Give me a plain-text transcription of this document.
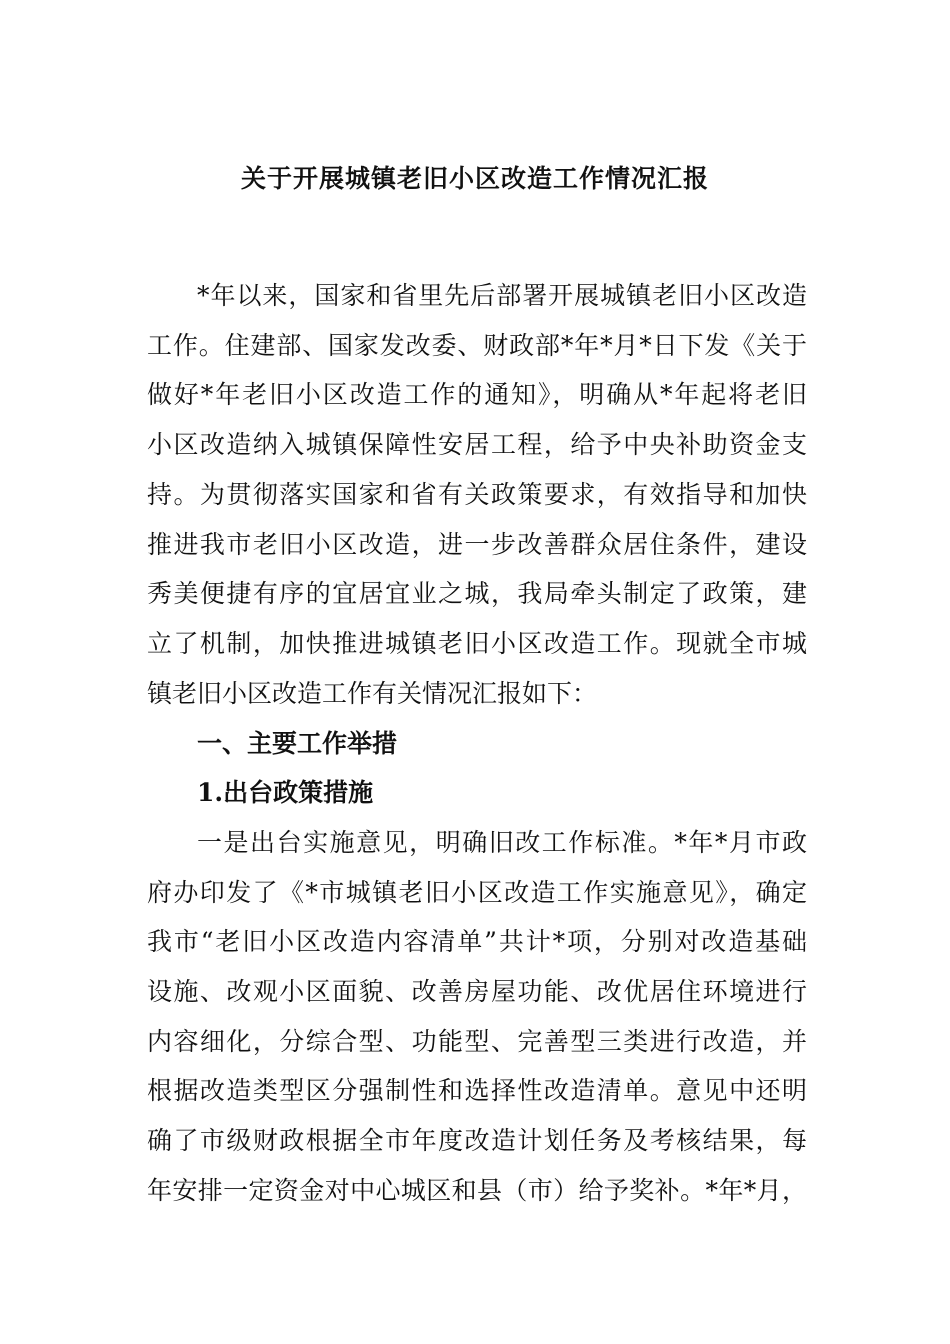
关于开展城镇老旧小区改造工作情况汇报
*年以来，国家和省里先后部署开展城镇老旧小区改造
工作。住建部、国家发改委、财政部*年*月*日下发《关于
做好*年老旧小区改造工作的通知》，明确从*年起将老旧
小区改造纳入城镇保障性安居工程，给予中央补助资金支
持。为贯彻落实国家和省有关政策要求，有效指导和加快
推进我市老旧小区改造，进一步改善群众居住条件，建设
秀美便捷有序的宜居宜业之城，我局牵头制定了政策，建
立了机制，加快推进城镇老旧小区改造工作。现就全市城
镇老旧小区改造工作有关情况汇报如下：
一、主要工作举措
1.出台政策措施
一是出台实施意见，明确旧改工作标准。*年*月市政
府办印发了《*市城镇老旧小区改造工作实施意见》，确定
我市“老旧小区改造内容清单”共计*项，分别对改造基础
设施、改观小区面貌、改善房屋功能、改优居住环境进行
内容细化，分综合型、功能型、完善型三类进行改造，并
根据改造类型区分强制性和选择性改造清单。意见中还明
确了市级财政根据全市年度改造计划任务及考核结果，每
年安排一定资金对中心城区和县（市）给予奖补。*年*月，
